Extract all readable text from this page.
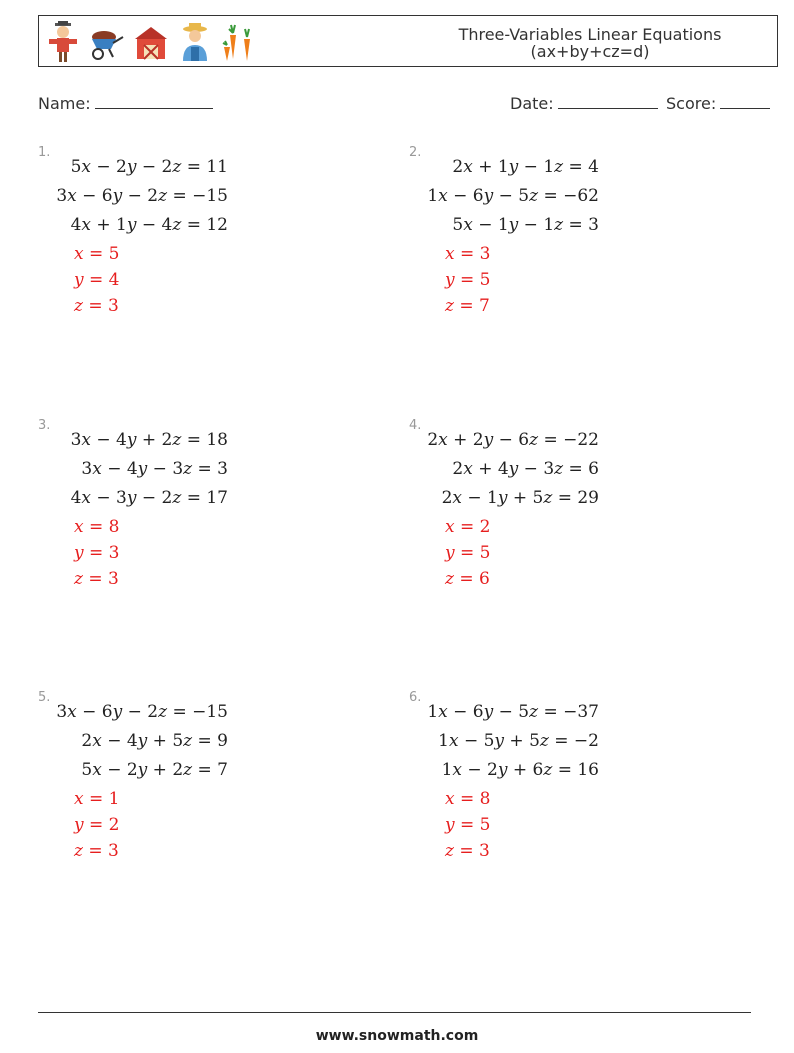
Three-Variables Linear Equations
(ax+by+cz=d)
Name:	Date:	Score:
1.
5x − 2y − 2z = 11
3x − 6y − 2z = −15
4x + 1y − 4z = 12
x = 5
y = 4
z = 3
2.
2x + 1y − 1z = 4
1x − 6y − 5z = −62
5x − 1y − 1z = 3
x = 3
y = 5
z = 7
3.
3x − 4y + 2z = 18
3x − 4y − 3z = 3
4x − 3y − 2z = 17
x = 8
y = 3
z = 3
4.
2x + 2y − 6z = −22
2x + 4y − 3z = 6
2x − 1y + 5z = 29
x = 2
y = 5
z = 6
5.
3x − 6y − 2z = −15
2x − 4y + 5z = 9
5x − 2y + 2z = 7
x = 1
y = 2
z = 3
6.
1x − 6y − 5z = −37
1x − 5y + 5z = −2
1x − 2y + 6z = 16
x = 8
y = 5
z = 3
www.snowmath.com
